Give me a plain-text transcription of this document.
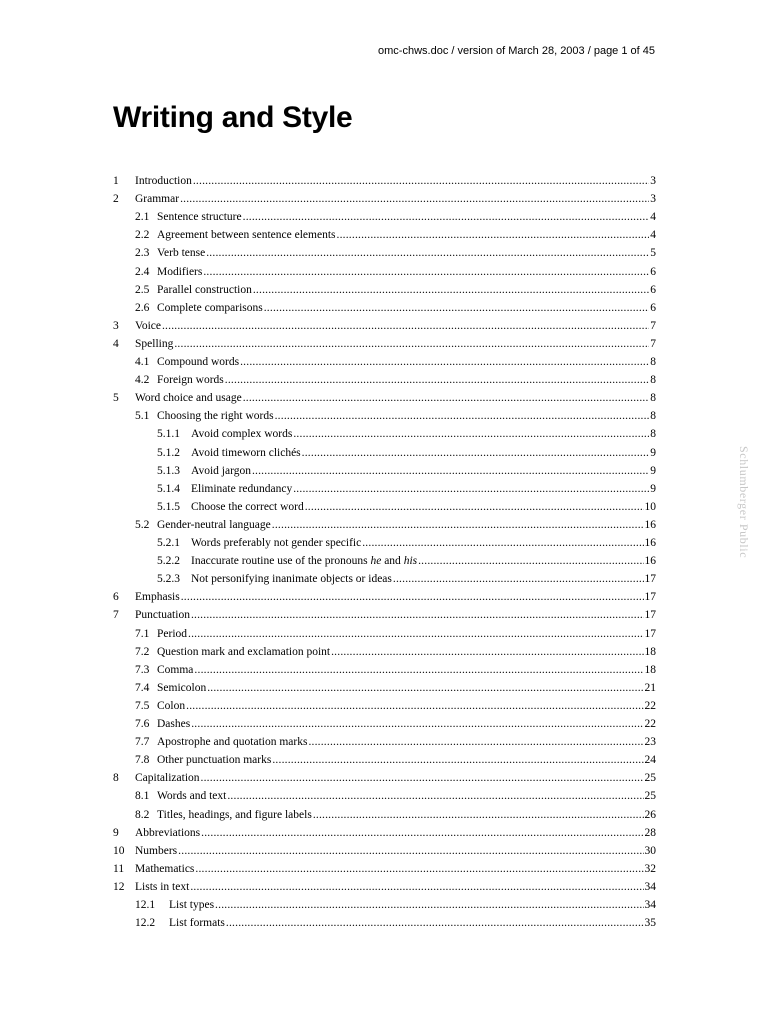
omc-chws.doc / version of March 28, 2003 / page 1 of 45
Writing and Style
Schlumberger Public
1 Introduction .....	3
2 Grammar .....	3
2.1 Sentence structure .....	4
2.2 Agreement between sentence elements .....	4
2.3 Verb tense .....	5
2.4 Modifiers .....	6
2.5 Parallel construction .....	6
2.6 Complete comparisons .....	6
3 Voice .....	7
4 Spelling .....	7
4.1 Compound words .....	8
4.2 Foreign words .....	8
5 Word choice and usage .....	8
5.1 Choosing the right words .....	8
5.1.1 Avoid complex words .....	8
5.1.2 Avoid timeworn clichés .....	9
5.1.3 Avoid jargon .....	9
5.1.4 Eliminate redundancy .....	9
5.1.5 Choose the correct word .....	10
5.2 Gender-neutral language .....	16
5.2.1 Words preferably not gender specific .....	16
5.2.2 Inaccurate routine use of the pronouns he and his .....	16
5.2.3 Not personifying inanimate objects or ideas .....	17
6 Emphasis .....	17
7 Punctuation .....	17
7.1 Period .....	17
7.2 Question mark and exclamation point .....	18
7.3 Comma .....	18
7.4 Semicolon .....	21
7.5 Colon .....	22
7.6 Dashes .....	22
7.7 Apostrophe and quotation marks .....	23
7.8 Other punctuation marks .....	24
8 Capitalization .....	25
8.1 Words and text .....	25
8.2 Titles, headings, and figure labels .....	26
9 Abbreviations .....	28
10 Numbers .....	30
11 Mathematics .....	32
12 Lists in text .....	34
12.1 List types .....	34
12.2 List formats .....	35
